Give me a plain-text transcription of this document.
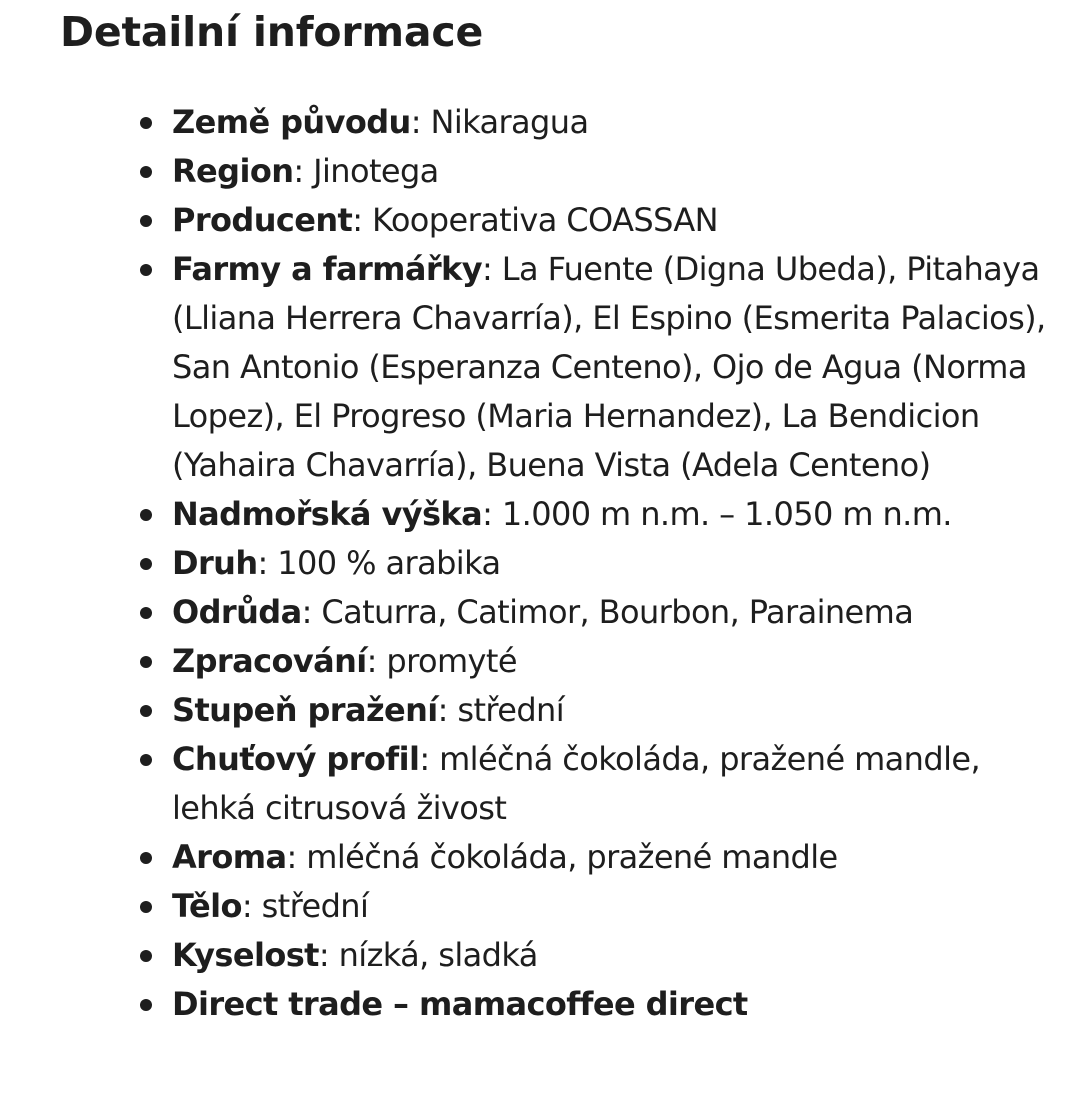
Detailní informace
Země původu: Nikaragua
Region: Jinotega
Producent: Kooperativa COASSAN
Farmy a farmářky: La Fuente (Digna Ubeda), Pitahaya (Lliana Herrera Chavarría), El Espino (Esmerita Palacios), San Antonio (Esperanza Centeno), Ojo de Agua (Norma Lopez), El Progreso (Maria Hernandez), La Bendicion (Yahaira Chavarría), Buena Vista (Adela Centeno)
Nadmořská výška: 1.000 m n.m. – 1.050 m n.m.
Druh: 100 % arabika
Odrůda: Caturra, Catimor, Bourbon, Parainema
Zpracování: promyté
Stupeň pražení: střední
Chuťový profil: mléčná čokoláda, pražené mandle, lehká citrusová živost
Aroma: mléčná čokoláda, pražené mandle
Tělo: střední
Kyselost: nízká, sladká
Direct trade – mamacoffee direct
